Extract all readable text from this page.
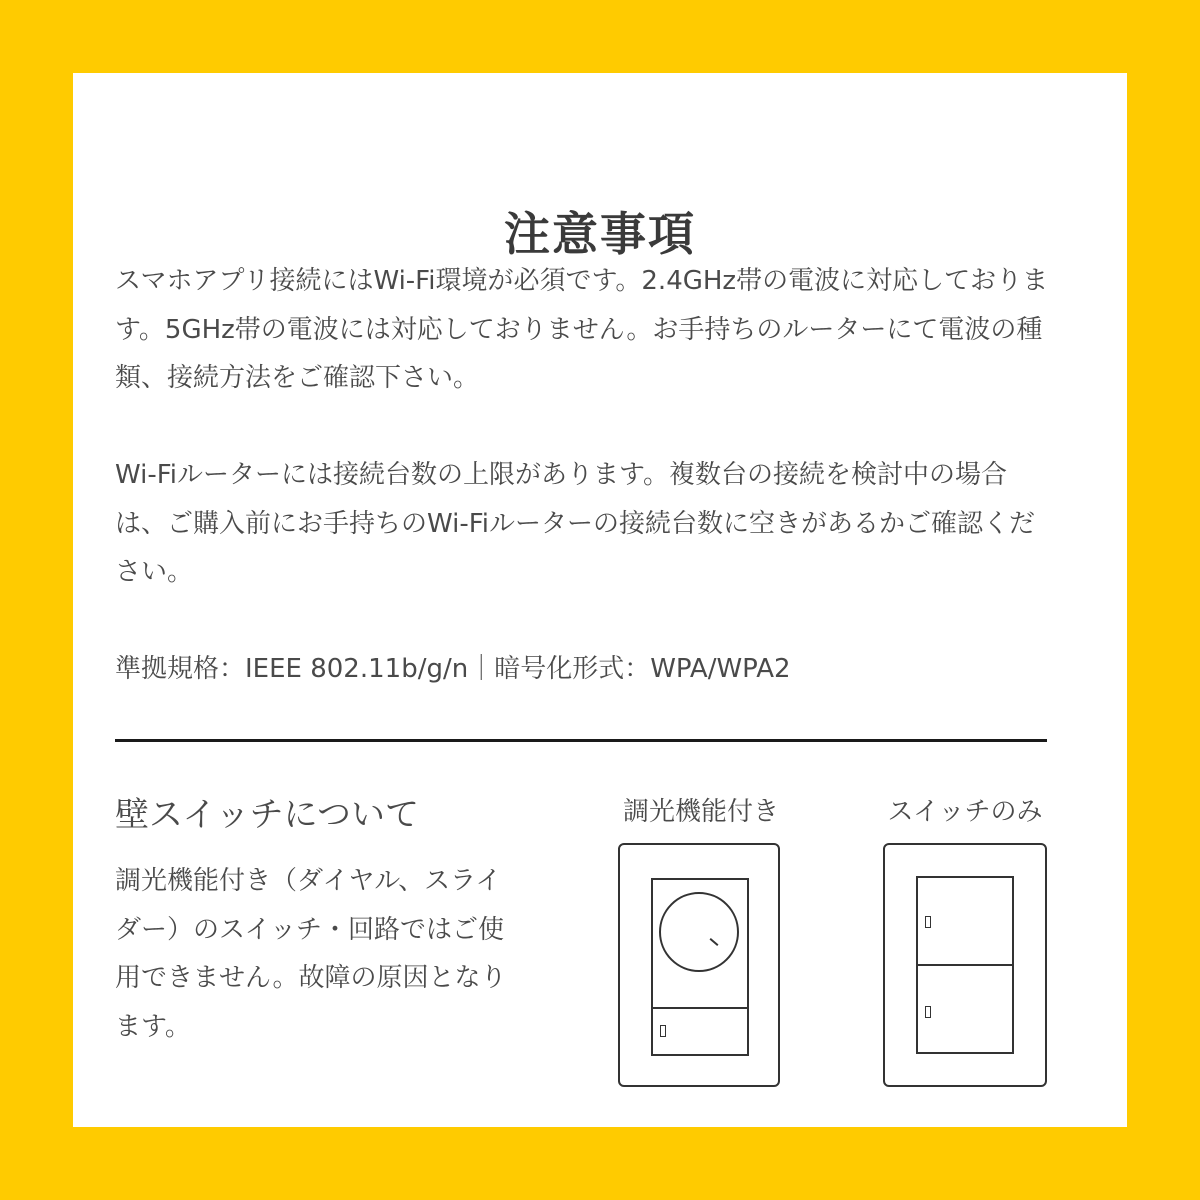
注意事項

スマホアプリ接続にはWi-Fi環境が必須です。2.4GHz帯の電波に対応しております。5GHz帯の電波には対応しておりません。お手持ちのルーターにて電波の種類、接続方法をご確認下さい。

Wi-Fiルーターには接続台数の上限があります。複数台の接続を検討中の場合は、ご購入前にお手持ちのWi-Fiルーターの接続台数に空きがあるかご確認ください。

準拠規格：IEEE 802.11b/g/n｜暗号化形式：WPA/WPA2

壁スイッチについて

調光機能付き（ダイヤル、スライダー）のスイッチ・回路ではご使用できません。故障の原因となります。

調光機能付き	スイッチのみ
